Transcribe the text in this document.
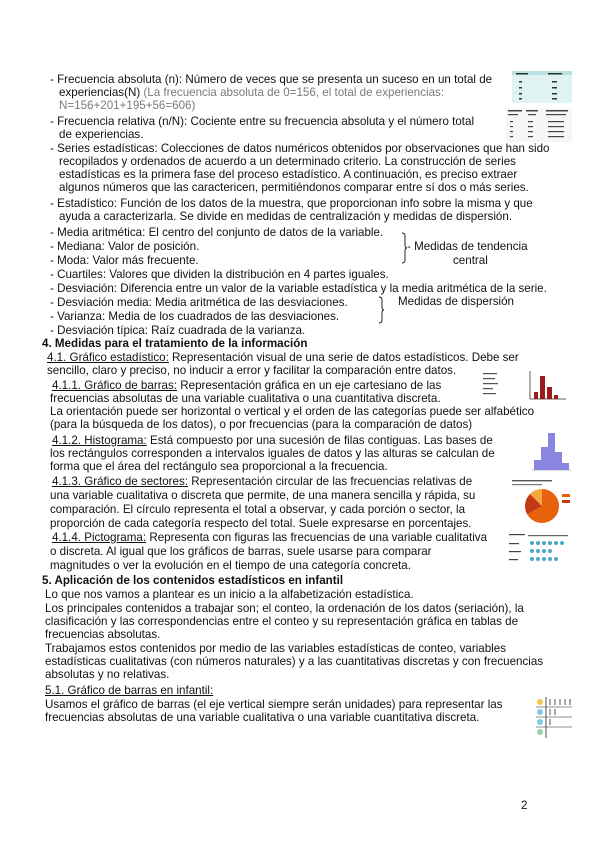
- Frecuencia absoluta (n): Número de veces que se presenta un suceso en un total de
experiencias(N) (La frecuencia absoluta de 0=156, el total de experiencias:
N=156+201+195+56=606)
- Frecuencia relativa (n/N): Cociente entre su frecuencia absoluta y el número total
de experiencias.
- Series estadísticas: Colecciones de datos numéricos obtenidos por observaciones que han sido
recopilados y ordenados de acuerdo a un determinado criterio. La construcción de series
estadísticas es la primera fase del proceso estadístico. A continuación, es preciso extraer
algunos números que las caractericen, permitiéndonos comparar entre sí dos o más series.
- Estadístico: Función de los datos de la muestra, que proporcionan info sobre la misma y que
ayuda a caracterizarla. Se divide en medidas de centralización y medidas de dispersión.
- Media aritmética: El centro del conjunto de datos de la variable.
- Mediana: Valor de posición.
- Moda: Valor más frecuente.
- Medidas de tendencia
central
- Cuartiles: Valores que dividen la distribución en 4 partes iguales.
- Desviación: Diferencia entre un valor de la variable estadística y la media aritmética de la serie.
- Desviación media: Media aritmética de las desviaciones.
- Varianza: Media de los cuadrados de las desviaciones.
- Desviación típica: Raíz cuadrada de la varianza.
Medidas de dispersión
4. Medidas para el tratamiento de la información
4.1. Gráfico estadístico: Representación visual de una serie de datos estadísticos. Debe ser
sencillo, claro y preciso, no inducir a error y facilitar la comparación entre datos.
4.1.1. Gráfico de barras: Representación gráfica en un eje cartesiano de las
frecuencias absolutas de una variable cualitativa o una cuantitativa discreta.
La orientación puede ser horizontal o vertical y el orden de las categorías puede ser alfabético
(para la búsqueda de los datos), o por frecuencias (para la comparación de datos)
4.1.2. Histograma: Está compuesto por una sucesión de filas contiguas. Las bases de
los rectángulos corresponden a intervalos iguales de datos y las alturas se calculan de
forma que el área del rectángulo sea proporcional a la frecuencia.
4.1.3. Gráfico de sectores: Representación circular de las frecuencias relativas de
una variable cualitativa o discreta que permite, de una manera sencilla y rápida, su
comparación. El círculo representa el total a observar, y cada porción o sector, la
proporción de cada categoría respecto del total. Suele expresarse en porcentajes.
4.1.4. Pictograma: Representa con figuras las frecuencias de una variable cualitativa
o discreta. Al igual que los gráficos de barras, suele usarse para comparar
magnitudes o ver la evolución en el tiempo de una categoría concreta.
5. Aplicación de los contenidos estadísticos en infantil
Lo que nos vamos a plantear es un inicio a la alfabetización estadística.
Los principales contenidos a trabajar son; el conteo, la ordenación de los datos (seriación), la
clasificación y las correspondencias entre el conteo y su representación gráfica en tablas de
frecuencias absolutas.
Trabajamos estos contenidos por medio de las variables estadísticas de conteo, variables
estadísticas cualitativas (con números naturales) y a las cuantitativas discretas y con frecuencias
absolutas y no relativas.
5.1. Gráfico de barras en infantil:
Usamos el gráfico de barras (el eje vertical siempre serán unidades) para representar las
frecuencias absolutas de una variable cualitativa o una variable cuantitativa discreta.
2
